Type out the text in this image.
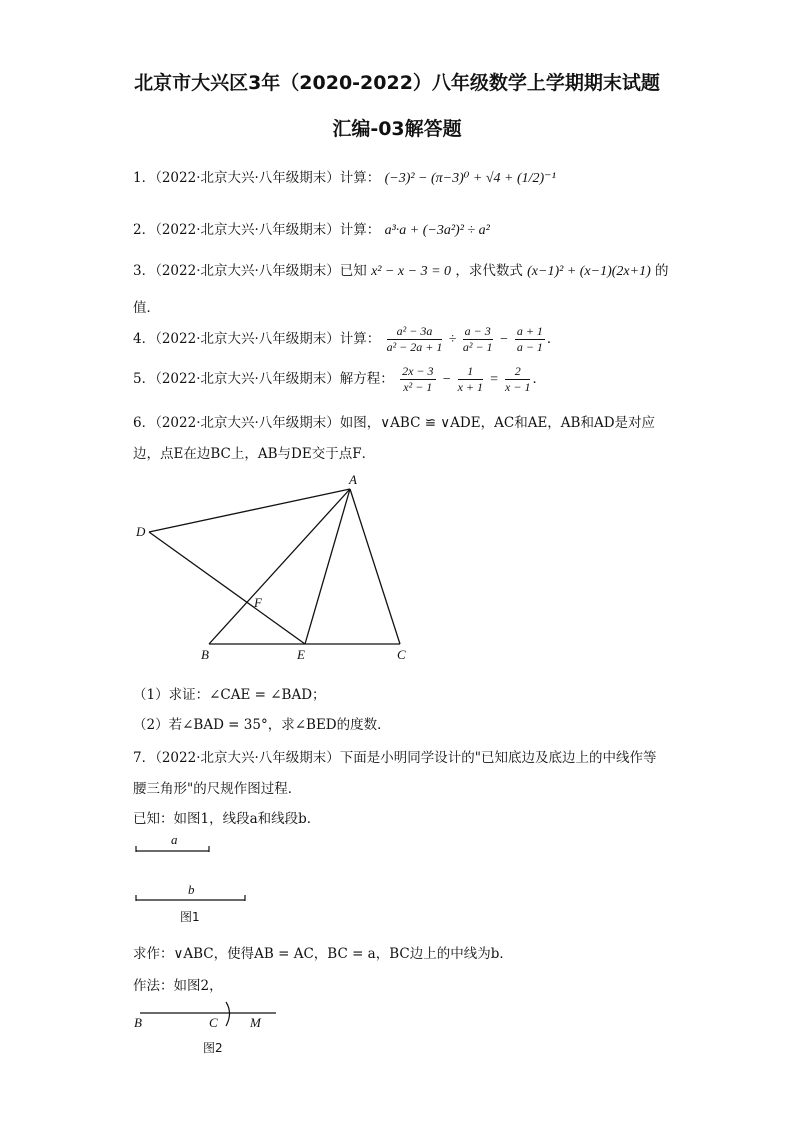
北京市大兴区3年（2020-2022）八年级数学上学期期末试题
汇编-03解答题
1．（2022·北京大兴·八年级期末）计算： (−3)² − (π−3)⁰ + √4 + (1/2)⁻¹
2．（2022·北京大兴·八年级期末）计算： a³·a + (−3a²)² ÷ a²
3．（2022·北京大兴·八年级期末）已知 x² − x − 3 = 0 ，求代数式 (x−1)² + (x−1)(2x+1) 的
值．
4．（2022·北京大兴·八年级期末）计算： $\frac{\text{a² − 3a}}{\text{a² − 2a + 1}} \div \frac{a - 3}{\text{a² − 1}} - \frac{a + 1}{a - 1}$ ．
5．（2022·北京大兴·八年级期末）解方程： $\frac{2x - 3}{\text{x² − 1}} - \frac{1}{x + 1} = \frac{2}{x - 1}$ ．
6．（2022·北京大兴·八年级期末）如图，∨ABC ≌ ∨ADE，AC和AE，AB和AD是对应
边，点E在边BC上，AB与DE交于点F．
A
D
F
B	E	C
a
b
图1
B	C M
图2
（1）求证：∠CAE = ∠BAD；
（2）若∠BAD = 35°，求∠BED的度数．
7．（2022·北京大兴·八年级期末）下面是小明同学设计的"已知底边及底边上的中线作等
腰三角形"的尺规作图过程．
已知：如图1，线段a和线段b．
求作：∨ABC，使得AB = AC，BC = a，BC边上的中线为b．
作法：如图2，
